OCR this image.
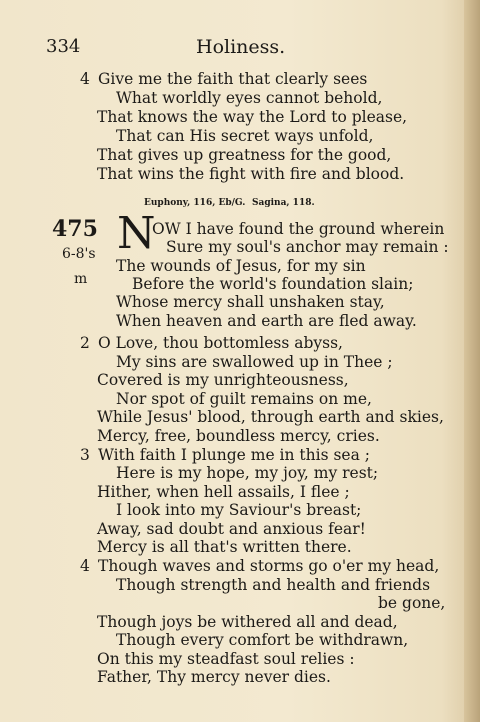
334	Holiness.
4 Give me the faith that clearly sees
What worldly eyes cannot behold,
That knows the way the Lord to please,
That can His secret ways unfold,
That gives up greatness for the good,
That wins the fight with fire and blood.
Euphony, 116, Eb/G. Sagina, 118.
475
6-8's
m
N
OW I have found the ground wherein
Sure my soul's anchor may remain :
The wounds of Jesus, for my sin
Before the world's foundation slain;
Whose mercy shall unshaken stay,
When heaven and earth are fled away.
2 O Love, thou bottomless abyss,
My sins are swallowed up in Thee ;
Covered is my unrighteousness,
Nor spot of guilt remains on me,
While Jesus' blood, through earth and skies,
Mercy, free, boundless mercy, cries.
3 With faith I plunge me in this sea ;
Here is my hope, my joy, my rest;
Hither, when hell assails, I flee ;
I look into my Saviour's breast;
Away, sad doubt and anxious fear!
Mercy is all that's written there.
4 Though waves and storms go o'er my head,
Though strength and health and friends
be gone,
Though joys be withered all and dead,
Though every comfort be withdrawn,
On this my steadfast soul relies :
Father, Thy mercy never dies.
